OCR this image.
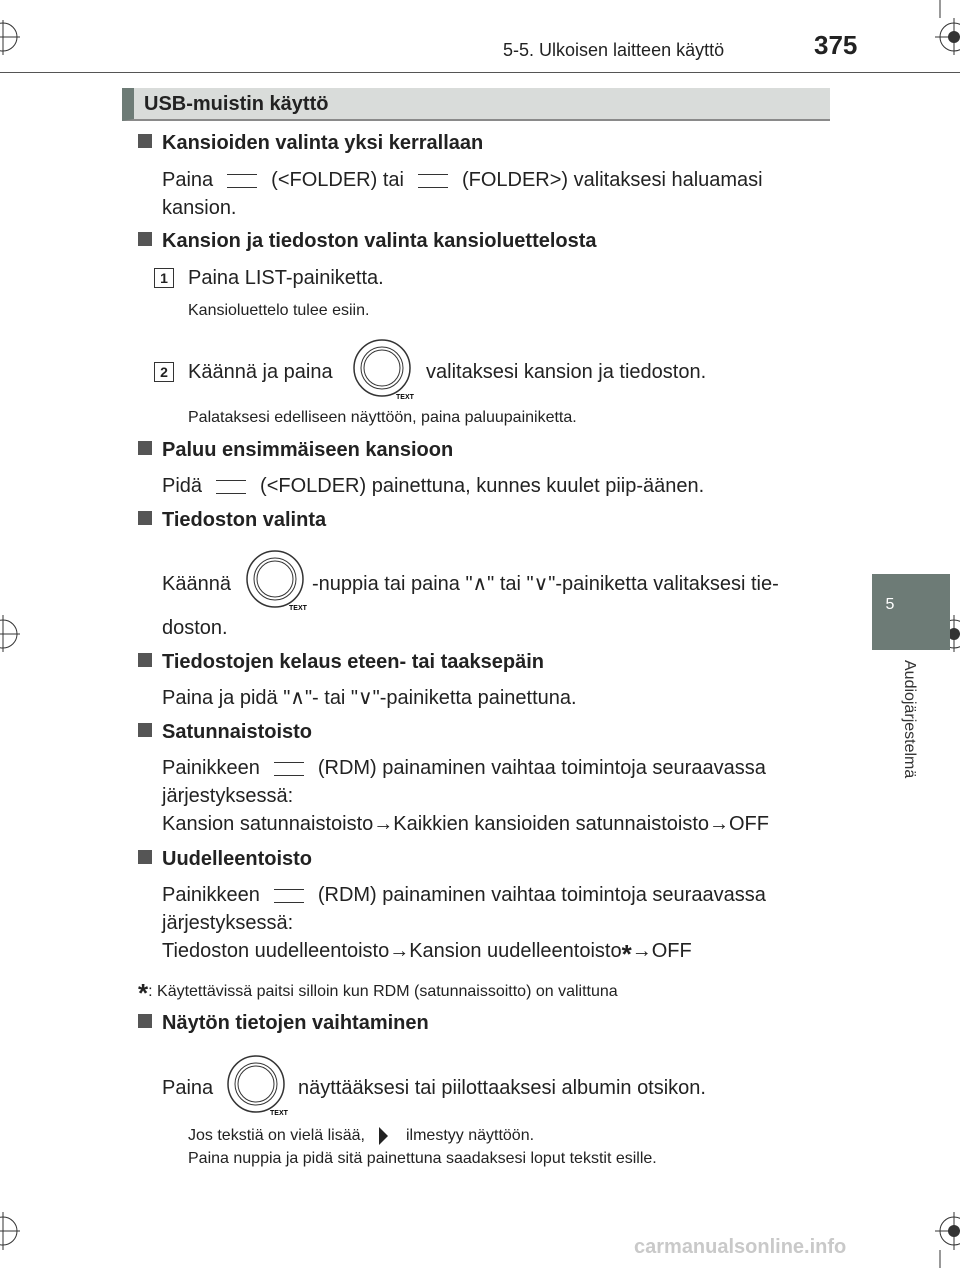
5-5. Ulkoisen laitteen käyttö	375
5
Audiojärjestelmä
USB-muistin käyttö
Kansioiden valinta yksi kerrallaan
Paina	(<FOLDER) tai	(FOLDER>) valitaksesi haluamasi
kansion.
Kansion ja tiedoston valinta kansioluettelosta
1	Paina LIST-painiketta.
Kansioluettelo tulee esiin.
2	Käännä ja paina	valitaksesi kansion ja tiedoston.
Palataksesi edelliseen näyttöön, paina paluupainiketta.
Paluu ensimmäiseen kansioon
Pidä	(<FOLDER) painettuna, kunnes kuulet piip-äänen.
Tiedoston valinta
Käännä	-nuppia tai paina "∧" tai "∨"-painiketta valitaksesi tie-
doston.
Tiedostojen kelaus eteen- tai taaksepäin
Paina ja pidä "∧"- tai "∨"-painiketta painettuna.
Satunnaistoisto
Painikkeen	(RDM) painaminen vaihtaa toimintoja seuraavassa
järjestyksessä:
Kansion satunnaistoisto→Kaikkien kansioiden satunnaistoisto→OFF
Uudelleentoisto
Painikkeen	(RDM) painaminen vaihtaa toimintoja seuraavassa
järjestyksessä:
Tiedoston uudelleentoisto→Kansion uudelleentoisto*→OFF
*: Käytettävissä paitsi silloin kun RDM (satunnaissoitto) on valittuna
Näytön tietojen vaihtaminen
Paina	näyttääksesi tai piilottaaksesi albumin otsikon.
Jos tekstiä on vielä lisää,	ilmestyy näyttöön.
Paina nuppia ja pidä sitä painettuna saadaksesi loput tekstit esille.
TEXT
TEXT
TEXT
carmanualsonline.info
